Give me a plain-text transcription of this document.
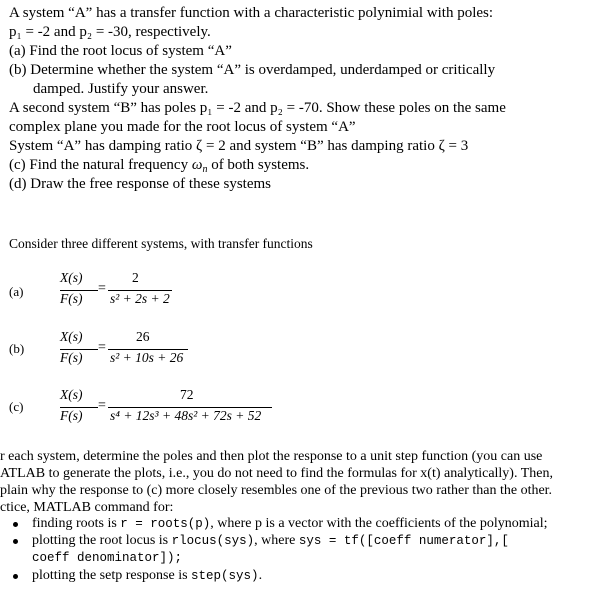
A system “A” has a transfer function with a characteristic polynimial with poles:
p₁ = -2 and p₂ = -30, respectively.
(a) Find the root locus of system “A”
(b) Determine whether the system “A” is overdamped, underdamped or critically
damped. Justify your answer.
A second system “B” has poles p₁ = -2 and p₂ = -70. Show these poles on the same
complex plane you made for the root locus of system “A”
System “A” has damping ratio ζ = 2 and system “B” has damping ratio ζ = 3
(c) Find the natural frequency $\omega_n$ of both systems.
(d) Draw the free response of these systems
Consider three different systems, with transfer functions
(a)
X(s)
F(s)
=
2
s² + 2s + 2
(b)
X(s)
F(s)
=
26
s² + 10s + 26
(c)
X(s)
F(s)
=
72
s⁴ + 12s³ + 48s² + 72s + 52
r each system, determine the poles and then plot the response to a unit step function (you can use
ATLAB to generate the plots, i.e., you do not need to find the formulas for x(t) analytically). Then,
plain why the response to (c) more closely resembles one of the previous two rather than the other.
ctice, MATLAB command for:
finding roots is r = roots(p), where p is a vector with the coefficients of the polynomial;
plotting the root locus is rlocus(sys), where sys = tf([coeff numerator],[
coeff denominator]);
plotting the setp response is step(sys).
